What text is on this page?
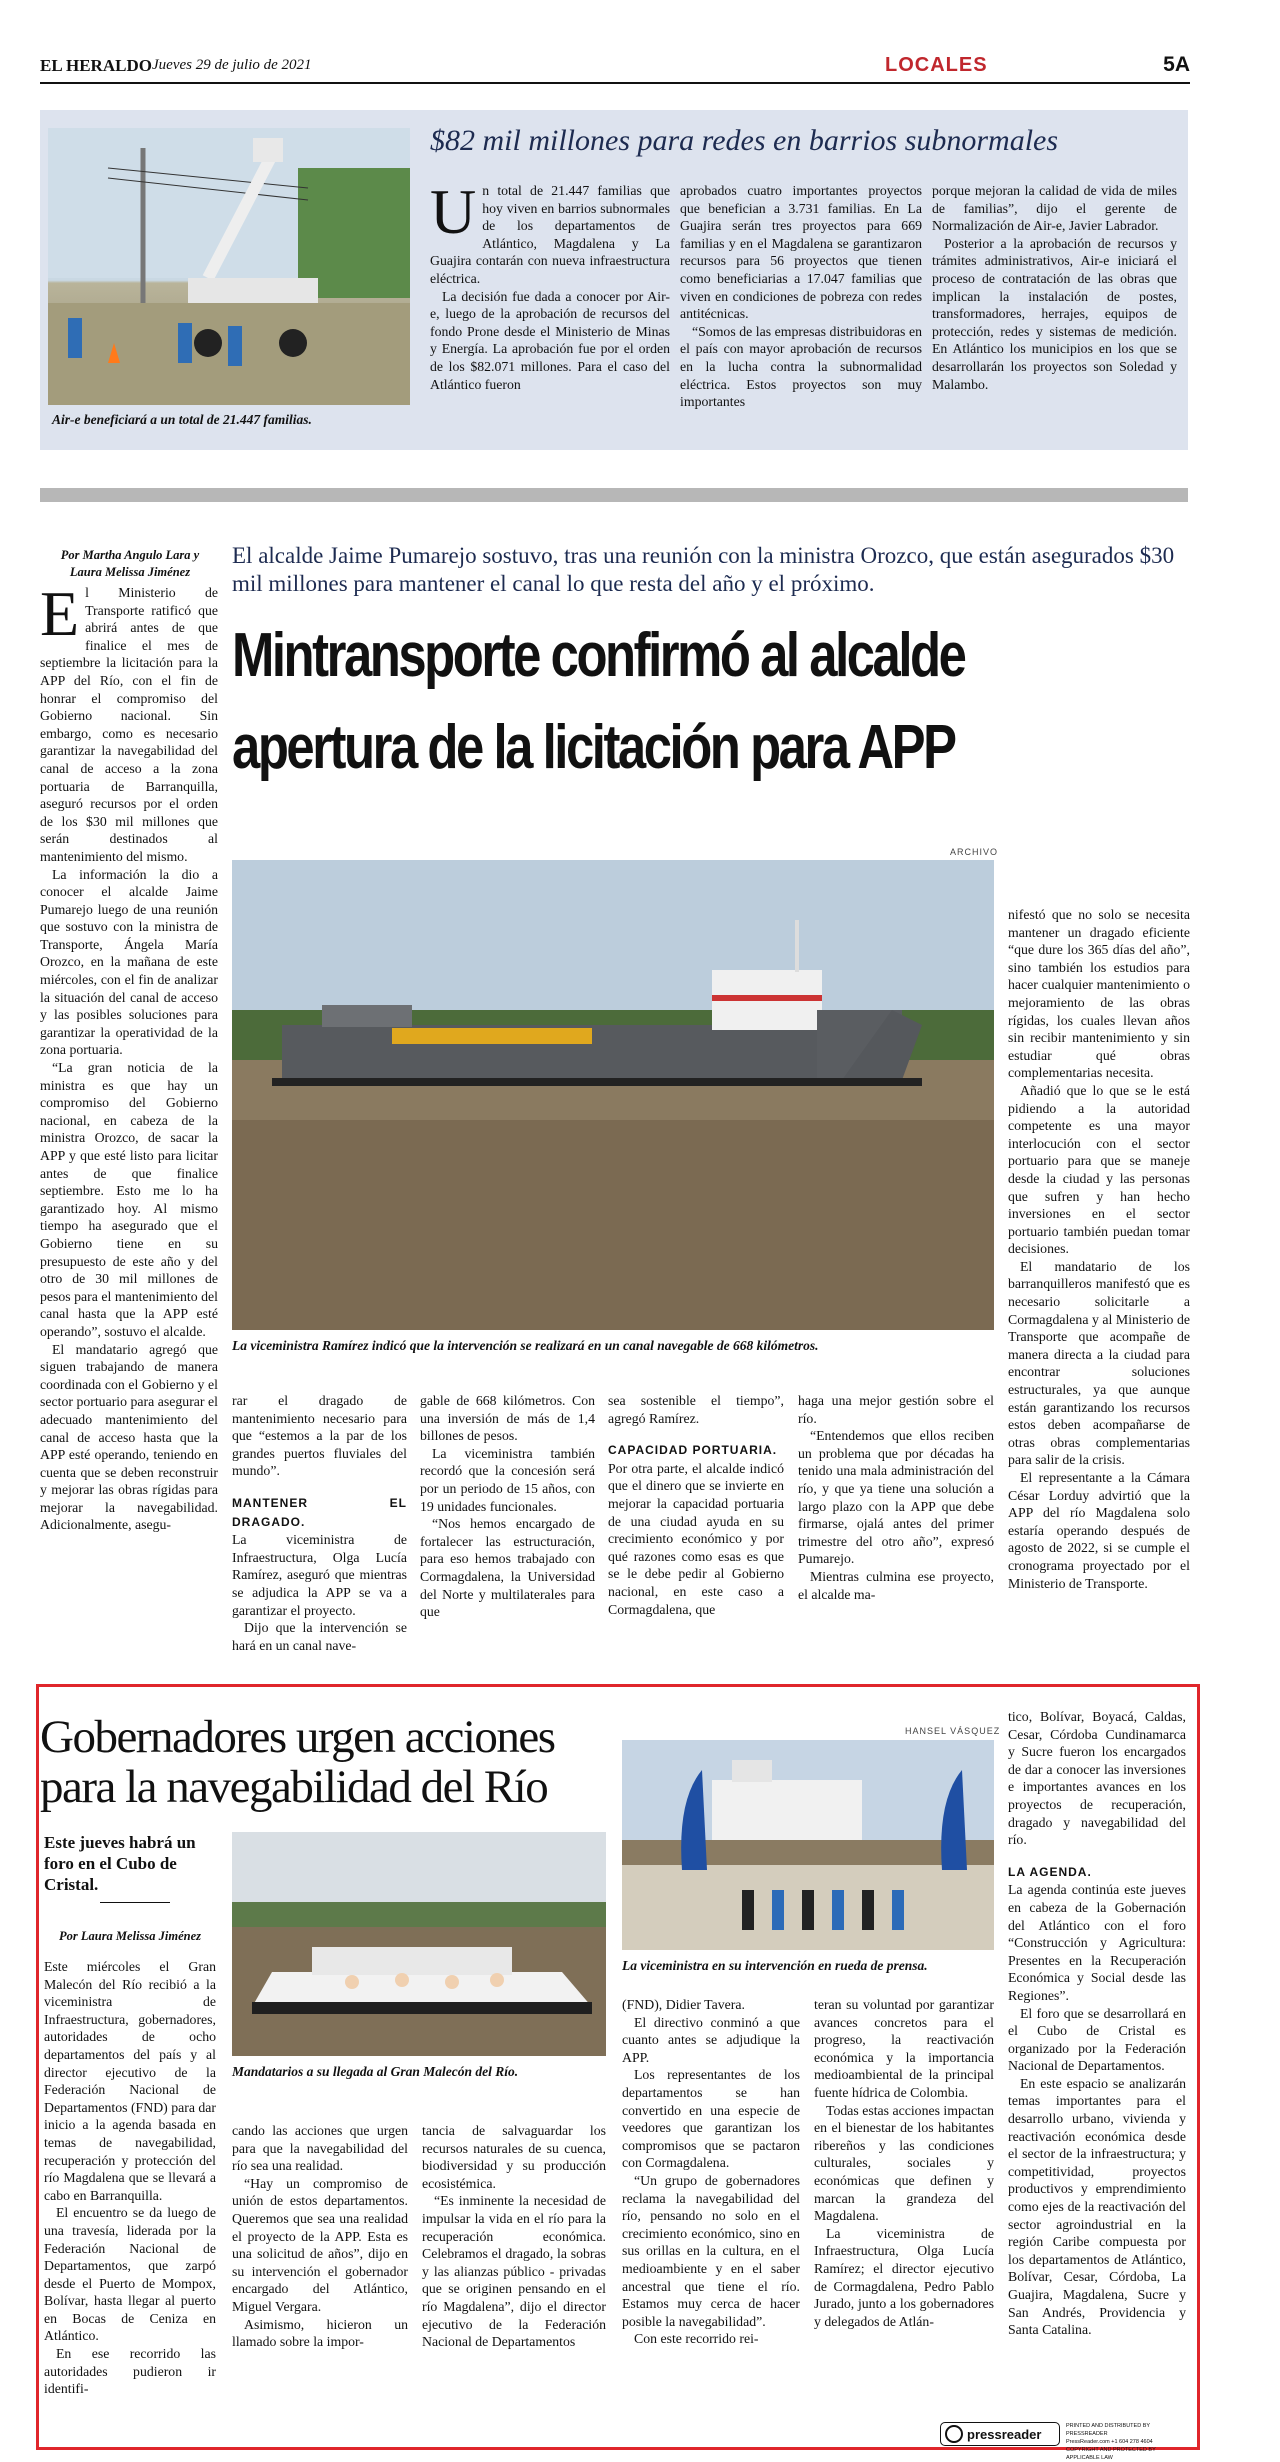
EL HERALDO Jueves 29 de julio de 2021	LOCALES	5A
Air-e beneficiará a un total de 21.447 familias.
$82 mil millones para redes en barrios subnormales
U n total de 21.447 familias que hoy viven en barrios subnormales de los departamentos de Atlántico, Magdalena y La Guajira contarán con nueva infraestructura eléctrica.

La decisión fue dada a conocer por Air-e, luego de la aprobación de recursos del fondo Prone desde el Ministerio de Minas y Energía. La aprobación fue por el orden de los $82.071 millones. Para el caso del Atlántico fueron

aprobados cuatro importantes proyectos que benefician a 3.731 familias. En La Guajira serán tres proyectos para 669 familias y en el Magdalena se garantizaron recursos para 56 proyectos que tienen como beneficiarias a 17.047 familias que viven en condiciones de pobreza con redes antitécnicas.

“Somos de las empresas distribuidoras en el país con mayor aprobación de recursos en la lucha contra la subnormalidad eléctrica. Estos proyectos son muy importantes

porque mejoran la calidad de vida de miles de familias”, dijo el gerente de Normalización de Air-e, Javier Labrador.

Posterior a la aprobación de recursos y trámites administrativos, Air-e iniciará el proceso de contratación de las obras que implican la instalación de postes, transformadores, herrajes, equipos de protección, redes y sistemas de medición. En Atlántico los municipios en los que se desarrollarán los proyectos son Soledad y Malambo.

Por Martha Angulo Lara y
Laura Melissa Jiménez
El alcalde Jaime Pumarejo sostuvo, tras una reunión con la ministra Orozco, que están asegurados $30 mil millones para mantener el canal lo que resta del año y el próximo.
Mintransporte confirmó al alcalde
apertura de la licitación para APP
ARCHIVO
La viceministra Ramírez indicó que la intervención se realizará en un canal navegable de 668 kilómetros.
E l Ministerio de Transporte ratificó que abrirá antes de que finalice el mes de septiembre la licitación para la APP del Río, con el fin de honrar el compromiso del Gobierno nacional. Sin embargo, como es necesario garantizar la navegabilidad del canal de acceso a la zona portuaria de Barranquilla, aseguró recursos por el orden de los $30 mil millones que serán destinados al mantenimiento del mismo.

La información la dio a conocer el alcalde Jaime Pumarejo luego de una reunión que sostuvo con la ministra de Transporte, Ángela María Orozco, en la mañana de este miércoles, con el fin de analizar la situación del canal de acceso y las posibles soluciones para garantizar la operatividad de la zona portuaria.

“La gran noticia de la ministra es que hay un compromiso del Gobierno nacional, en cabeza de la ministra Orozco, de sacar la APP y que esté listo para licitar antes de que finalice septiembre. Esto me lo ha garantizado hoy. Al mismo tiempo ha asegurado que el Gobierno tiene en su presupuesto de este año y del otro de 30 mil millones de pesos para el mantenimiento del canal hasta que la APP esté operando”, sostuvo el alcalde.

El mandatario agregó que siguen trabajando de manera coordinada con el Gobierno y el sector portuario para asegurar el adecuado mantenimiento del canal de acceso hasta que la APP esté operando, teniendo en cuenta que se deben reconstruir y mejorar las obras rígidas para mejorar la navegabilidad. Adicionalmente, asegu-

rar el dragado de mantenimiento necesario para que “estemos a la par de los grandes puertos fluviales del mundo”.

MANTENER EL DRAGADO.

La viceministra de Infraestructura, Olga Lucía Ramírez, aseguró que mientras se adjudica la APP se va a garantizar el proyecto.

Dijo que la intervención se hará en un canal nave-

gable de 668 kilómetros. Con una inversión de más de 1,4 billones de pesos.

La viceministra también recordó que la concesión será por un periodo de 15 años, con 19 unidades funcionales.

“Nos hemos encargado de fortalecer las estructuración, para eso hemos trabajado con Cormagdalena, la Universidad del Norte y multilaterales para que

sea sostenible el tiempo”, agregó Ramírez.

CAPACIDAD PORTUARIA.

Por otra parte, el alcalde indicó que el dinero que se invierte en mejorar la capacidad portuaria de una ciudad ayuda en su crecimiento económico y por qué razones como esas es que se le debe pedir al Gobierno nacional, en este caso a Cormagdalena, que

haga una mejor gestión sobre el río.

“Entendemos que ellos reciben un problema que por décadas ha tenido una mala administración del río, y que ya tiene una solución a largo plazo con la APP que debe firmarse, ojalá antes del primer trimestre del otro año”, expresó Pumarejo.

Mientras culmina ese proyecto, el alcalde ma-

nifestó que no solo se necesita mantener un dragado eficiente “que dure los 365 días del año”, sino también los estudios para hacer cualquier mantenimiento o mejoramiento de las obras rígidas, los cuales llevan años sin recibir mantenimiento y sin estudiar qué obras complementarias necesita.

Añadió que lo que se le está pidiendo a la autoridad competente es una mayor interlocución con el sector portuario para que se maneje desde la ciudad y las personas que sufren y han hecho inversiones en el sector portuario también puedan tomar decisiones.

El mandatario de los barranquilleros manifestó que es necesario solicitarle a Cormagdalena y al Ministerio de Transporte que acompañe de manera directa a la ciudad para encontrar soluciones estructurales, ya que aunque están garantizando los recursos estos deben acompañarse de otras obras complementarias para salir de la crisis.

El representante a la Cámara César Lorduy advirtió que la APP del río Magdalena solo estaría operando después de agosto de 2022, si se cumple el cronograma proyectado por el Ministerio de Transporte.

Gobernadores urgen acciones
para la navegabilidad del Río
Este jueves habrá un foro en el Cubo de Cristal.
Por Laura Melissa Jiménez
Mandatarios a su llegada al Gran Malecón del Río.
HANSEL VÁSQUEZ
La viceministra en su intervención en rueda de prensa.

Este miércoles el Gran Malecón del Río recibió a la viceministra de Infraestructura, gobernadores, autoridades de ocho departamentos del país y al director ejecutivo de la Federación Nacional de Departamentos (FND) para dar inicio a la agenda basada en temas de navegabilidad, recuperación y protección del río Magdalena que se llevará a cabo en Barranquilla.

El encuentro se da luego de una travesía, liderada por la Federación Nacional de Departamentos, que zarpó desde el Puerto de Mompox, Bolívar, hasta llegar al puerto en Bocas de Ceniza en Atlántico.

En ese recorrido las autoridades pudieron ir identifi-

cando las acciones que urgen para que la navegabilidad del río sea una realidad.

“Hay un compromiso de unión de estos departamentos. Queremos que sea una realidad el proyecto de la APP. Esta es una solicitud de años”, dijo en su intervención el gobernador encargado del Atlántico, Miguel Vergara.

Asimismo, hicieron un llamado sobre la impor-

tancia de salvaguardar los recursos naturales de su cuenca, biodiversidad y su producción ecosistémica.

“Es inminente la necesidad de impulsar la vida en el río para la recuperación económica. Celebramos el dragado, la sobras y las alianzas público - privadas que se originen pensando en el río Magdalena”, dijo el director ejecutivo de la Federación Nacional de Departamentos

(FND), Didier Tavera.

El directivo conminó a que cuanto antes se adjudique la APP.

Los representantes de los departamentos se han convertido en una especie de veedores que garantizan los compromisos que se pactaron con Cormagdalena.

“Un grupo de gobernadores reclama la navegabilidad del río, pensando no solo en el crecimiento económico, sino en sus orillas en la cultura, en el medioambiente y en el saber ancestral que tiene el río. Estamos muy cerca de hacer posible la navegabilidad”.

Con este recorrido rei-

teran su voluntad por garantizar avances concretos para el progreso, la reactivación económica y la importancia medioambiental de la principal fuente hídrica de Colombia.

Todas estas acciones impactan en el bienestar de los habitantes ribereños y las condiciones culturales, sociales y económicas que definen y marcan la grandeza del Magdalena.

La viceministra de Infraestructura, Olga Lucía Ramírez; el director ejecutivo de Cormagdalena, Pedro Pablo Jurado, junto a los gobernadores y delegados de Atlán-

tico, Bolívar, Boyacá, Caldas, Cesar, Córdoba Cundinamarca y Sucre fueron los encargados de dar a conocer las inversiones e importantes avances en los proyectos de recuperación, dragado y navegabilidad del río.

LA AGENDA.

La agenda continúa este jueves en cabeza de la Gobernación del Atlántico con el foro “Construcción y Agricultura: Presentes en la Recuperación Económica y Social desde las Regiones”.

El foro que se desarrollará en el Cubo de Cristal es organizado por la Federación Nacional de Departamentos.

En este espacio se analizarán temas importantes para el desarrollo urbano, vivienda y reactivación económica desde el sector de la infraestructura; y competitividad, proyectos productivos y emprendimiento como ejes de la reactivación del sector agroindustrial en la región Caribe compuesta por los departamentos de Atlántico, Bolívar, Cesar, Córdoba, La Guajira, Magdalena, Sucre y San Andrés, Providencia y Santa Catalina.

pressreader
PRINTED AND DISTRIBUTED BY PRESSREADER
PressReader.com +1 604 278 4604
COPYRIGHT AND PROTECTED BY APPLICABLE LAW
